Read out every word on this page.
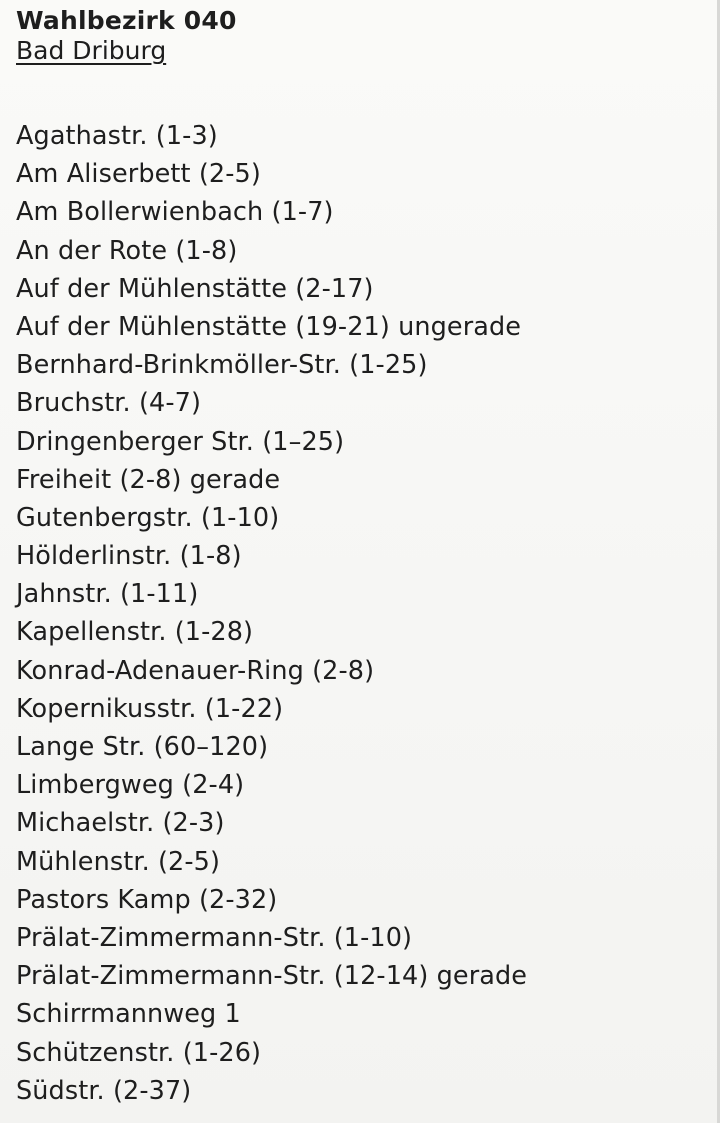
Wahlbezirk 040
Bad Driburg
Agathastr. (1-3)
Am Aliserbett (2-5)
Am Bollerwienbach (1-7)
An der Rote (1-8)
Auf der Mühlenstätte (2-17)
Auf der Mühlenstätte (19-21) ungerade
Bernhard-Brinkmöller-Str. (1-25)
Bruchstr. (4-7)
Dringenberger Str. (1–25)
Freiheit (2-8) gerade
Gutenbergstr. (1-10)
Hölderlinstr. (1-8)
Jahnstr. (1-11)
Kapellenstr. (1-28)
Konrad-Adenauer-Ring (2-8)
Kopernikusstr. (1-22)
Lange Str. (60–120)
Limbergweg (2-4)
Michaelstr. (2-3)
Mühlenstr. (2-5)
Pastors Kamp (2-32)
Prälat-Zimmermann-Str. (1-10)
Prälat-Zimmermann-Str. (12-14) gerade
Schirrmannweg 1
Schützenstr. (1-26)
Südstr. (2-37)
